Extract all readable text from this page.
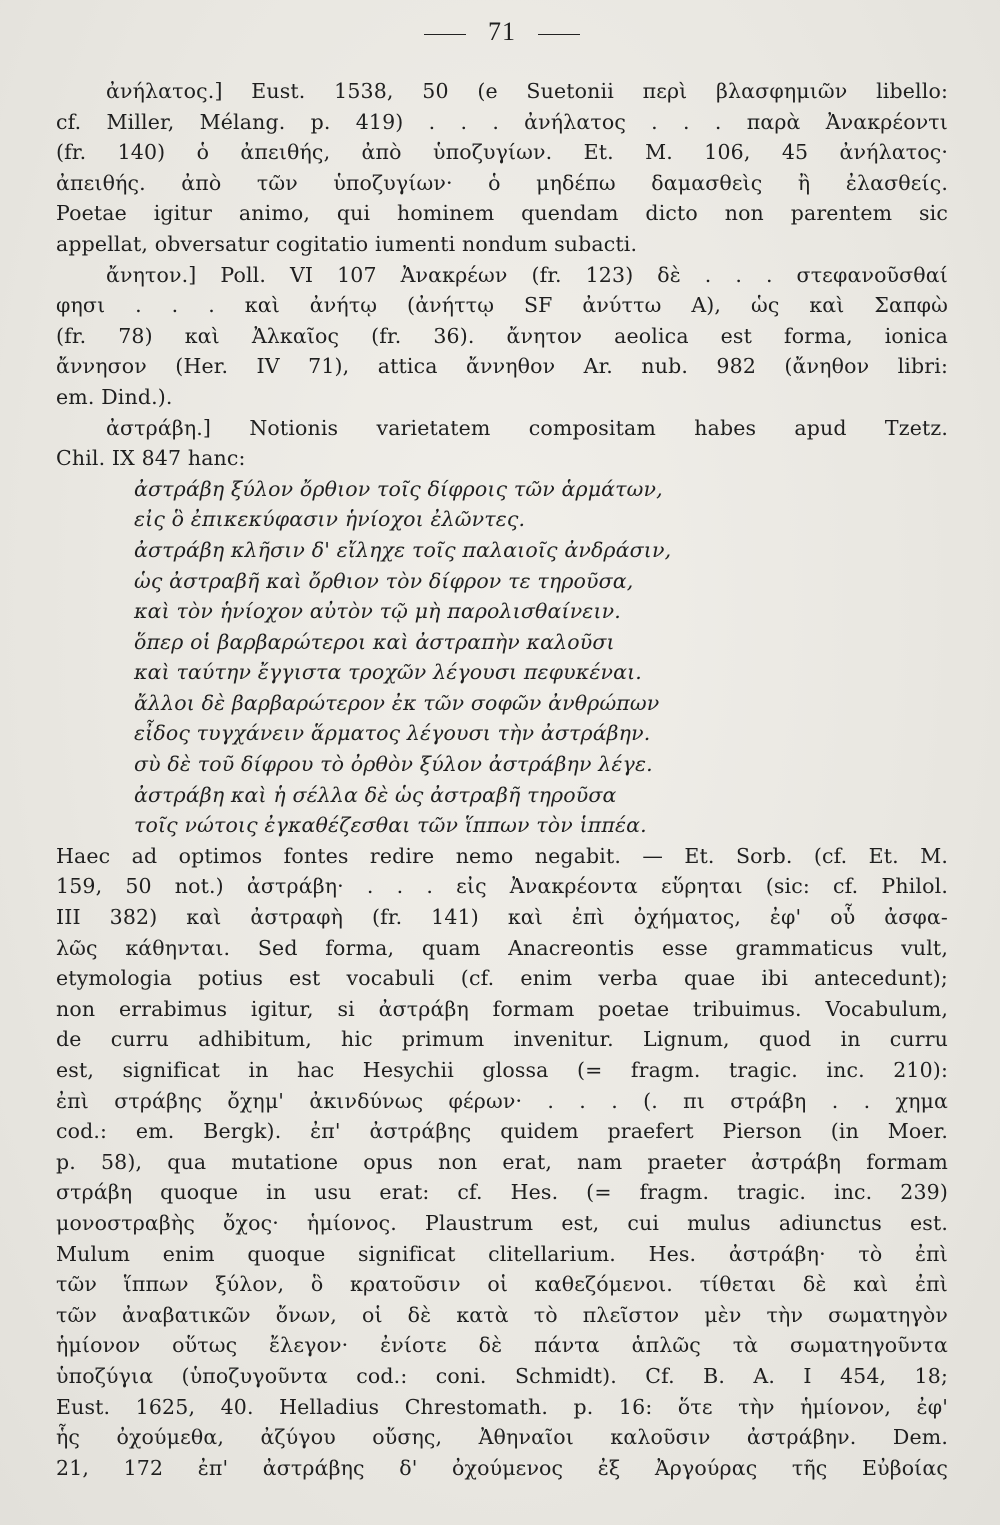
71
ἀνήλατος.] Eust. 1538, 50 (e Suetonii περὶ βλασφημιῶν libello:
cf. Miller, Mélang. p. 419) . . . ἀνήλατος . . . παρὰ Ἀνακρέοντι
(fr. 140) ὁ ἀπειθής, ἀπὸ ὑποζυγίων. Et. M. 106, 45 ἀνήλατος·
ἀπειθής. ἀπὸ τῶν ὑποζυγίων· ὁ μηδέπω δαμασθεὶς ἢ ἐλασθείς.
Poetae igitur animo, qui hominem quendam dicto non parentem sic
appellat, obversatur cogitatio iumenti nondum subacti.
ἄνητον.] Poll. VI 107 Ἀνακρέων (fr. 123) δὲ . . . στεφανοῦσθαί
φησι . . . καὶ ἀνήτῳ (ἀνήττῳ SF ἀνύττω A), ὡς καὶ Σαπφὼ
(fr. 78) καὶ Ἀλκαῖος (fr. 36). ἄνητον aeolica est forma, ionica
ἄννησον (Her. IV 71), attica ἄννηθον Ar. nub. 982 (ἄνηθον libri:
em. Dind.).
ἀστράβη.] Notionis varietatem compositam habes apud Tzetz.
Chil. IX 847 hanc:
ἀστράβη ξύλον ὄρθιον τοῖς δίφροις τῶν ἁρμάτων,
εἰς ὃ ἐπικεκύφασιν ἡνίοχοι ἐλῶντες.
ἀστράβη κλῆσιν δ' εἴληχε τοῖς παλαιοῖς ἀνδράσιν,
ὡς ἀστραβῆ καὶ ὄρθιον τὸν δίφρον τε τηροῦσα,
καὶ τὸν ἡνίοχον αὐτὸν τῷ μὴ παρολισθαίνειν.
ὅπερ οἱ βαρβαρώτεροι καὶ ἀστραπὴν καλοῦσι
καὶ ταύτην ἔγγιστα τροχῶν λέγουσι πεφυκέναι.
ἄλλοι δὲ βαρβαρώτερον ἐκ τῶν σοφῶν ἀνθρώπων
εἶδος τυγχάνειν ἅρματος λέγουσι τὴν ἀστράβην.
σὺ δὲ τοῦ δίφρου τὸ ὀρθὸν ξύλον ἀστράβην λέγε.
ἀστράβη καὶ ἡ σέλλα δὲ ὡς ἀστραβῆ τηροῦσα
τοῖς νώτοις ἐγκαθέζεσθαι τῶν ἵππων τὸν ἱππέα.
Haec ad optimos fontes redire nemo negabit. — Et. Sorb. (cf. Et. M.
159, 50 not.) ἀστράβη· . . . εἰς Ἀνακρέοντα εὕρηται (sic: cf. Philol.
III 382) καὶ ἀστραφὴ (fr. 141) καὶ ἐπὶ ὀχήματος, ἐφ' οὗ ἀσφα-
λῶς κάθηνται. Sed forma, quam Anacreontis esse grammaticus vult,
etymologia potius est vocabuli (cf. enim verba quae ibi antecedunt);
non errabimus igitur, si ἀστράβη formam poetae tribuimus. Vocabulum,
de curru adhibitum, hic primum invenitur. Lignum, quod in curru
est, significat in hac Hesychii glossa (= fragm. tragic. inc. 210):
ἐπὶ στράβης ὄχημ' ἀκινδύνως φέρων· . . . (. πι στράβη . . χημα
cod.: em. Bergk). ἐπ' ἀστράβης quidem praefert Pierson (in Moer.
p. 58), qua mutatione opus non erat, nam praeter ἀστράβη formam
στράβη quoque in usu erat: cf. Hes. (= fragm. tragic. inc. 239)
μονοστραβὴς ὄχος· ἡμίονος. Plaustrum est, cui mulus adiunctus est.
Mulum enim quoque significat clitellarium. Hes. ἀστράβη· τὸ ἐπὶ
τῶν ἵππων ξύλον, ὃ κρατοῦσιν οἱ καθεζόμενοι. τίθεται δὲ καὶ ἐπὶ
τῶν ἀναβατικῶν ὄνων, οἱ δὲ κατὰ τὸ πλεῖστον μὲν τὴν σωματηγὸν
ἡμίονον οὕτως ἔλεγον· ἐνίοτε δὲ πάντα ἁπλῶς τὰ σωματηγοῦντα
ὑποζύγια (ὑποζυγοῦντα cod.: coni. Schmidt). Cf. B. A. I 454, 18;
Eust. 1625, 40. Helladius Chrestomath. p. 16: ὅτε τὴν ἡμίονον, ἐφ'
ἧς ὀχούμεθα, ἀζύγου οὔσης, Ἀθηναῖοι καλοῦσιν ἀστράβην. Dem.
21, 172 ἐπ' ἀστράβης δ' ὀχούμενος ἐξ Ἀργούρας τῆς Εὐβοίας
